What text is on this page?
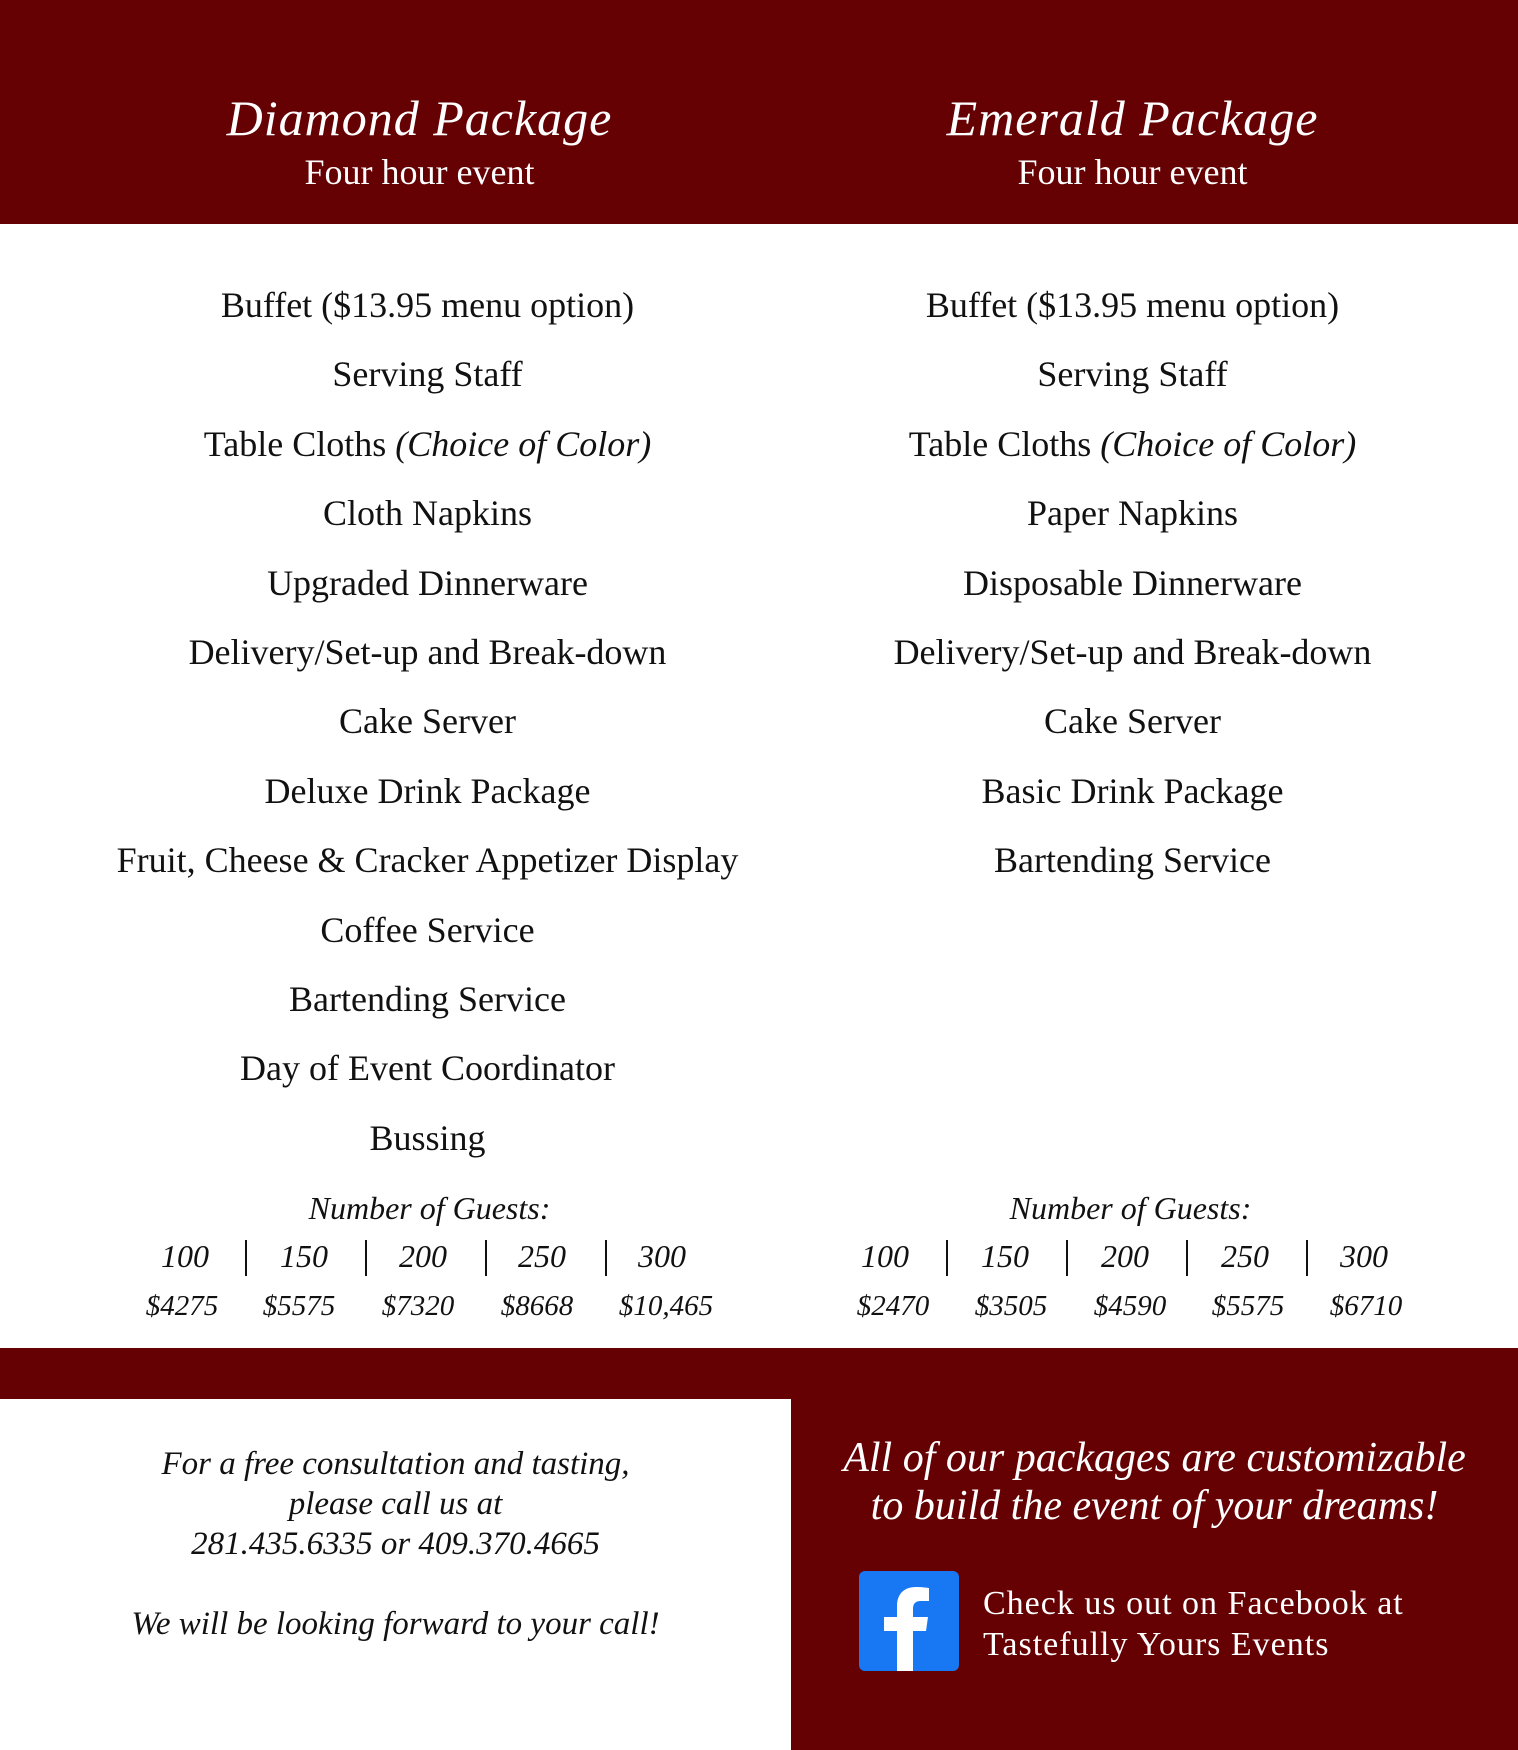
Diamond Package
Four hour event
Emerald Package
Four hour event
Buffet ($13.95 menu option)
Serving Staff
Table Cloths (Choice of Color)
Cloth Napkins
Upgraded Dinnerware
Delivery/Set-up and Break-down
Cake Server
Deluxe Drink Package
Fruit, Cheese & Cracker Appetizer Display
Coffee Service
Bartending Service
Day of Event Coordinator
Bussing
Buffet ($13.95 menu option)
Serving Staff
Table Cloths (Choice of Color)
Paper Napkins
Disposable Dinnerware
Delivery/Set-up and Break-down
Cake Server
Basic Drink Package
Bartending Service
Number of Guests:	Number of Guests:
100	150	200	250	300	100	150	200	250	300
$4275	$5575	$7320	$8668	$10,465	$2470	$3505	$4590	$5575	$6710
For a free consultation and tasting,
please call us at
281.435.6335 or 409.370.4665
We will be looking forward to your call!
All of our packages are customizable
to build the event of your dreams!
Check us out on Facebook at
Tastefully Yours Events
